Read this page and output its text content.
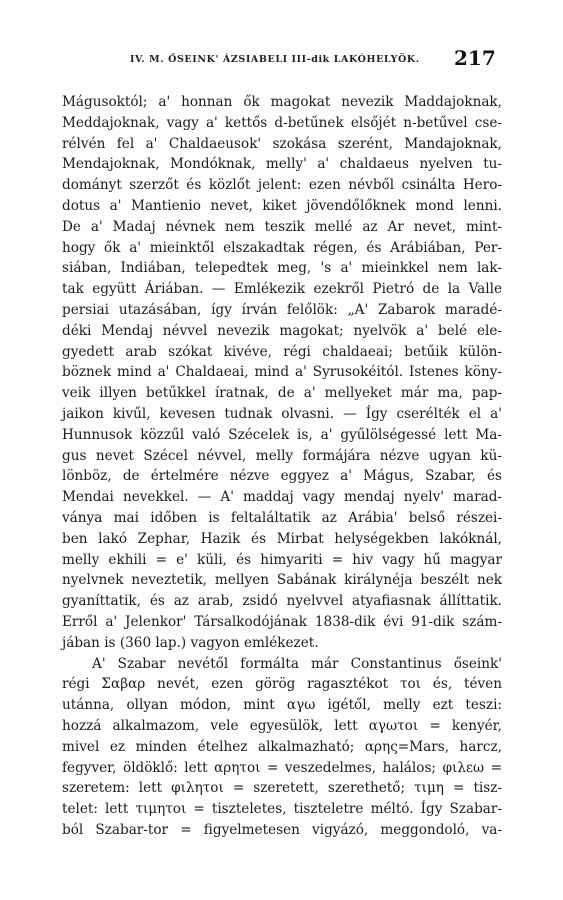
IV. M. ŐSEINK' ÁZSIABELI III-dik LAKÓHELYÖK.	217
Mágusoktól; a' honnan ők magokat nevezik Maddajoknak,
Meddajoknak, vagy a' kettős d-betűnek elsőjét n-betűvel cse-
rélvén fel a' Chaldaeusok' szokása szerént, Mandajoknak,
Mendajoknak, Mondóknak, melly' a' chaldaeus nyelven tu-
dományt szerzőt és közlőt jelent: ezen névből csinálta Hero-
dotus a' Mantienio nevet, kiket jövendőlőknek mond lenni.
De a' Madaj névnek nem teszik mellé az Ar nevet, mint-
hogy ők a' mieinktől elszakadtak régen, és Arábiában, Per-
siában, Indiában, telepedtek meg, 's a' mieinkkel nem lak-
tak együtt Áriában. — Emlékezik ezekről Pietró de la Valle
persiai utazásában, így írván felőlök: „A' Zabarok maradé-
déki Mendaj névvel nevezik magokat; nyelvök a' belé ele-
gyedett arab szókat kivéve, régi chaldaeai; betűik külön-
böznek mind a' Chaldaeai, mind a' Syrusokéitól. Istenes köny-
veik illyen betűkkel íratnak, de a' mellyeket már ma, pap-
jaikon kivűl, kevesen tudnak olvasni. — Így cserélték el a'
Hunnusok közzűl való Szécelek is, a' gyűlölségessé lett Ma-
gus nevet Szécel névvel, melly formájára nézve ugyan kü-
lönböz, de értelmére nézve eggyez a' Mágus, Szabar, és
Mendai nevekkel. — A' maddaj vagy mendaj nyelv' marad-
ványa mai időben is feltaláltatik az Arábia' belső részei-
ben lakó Zephar, Hazik és Mirbat helységekben lakóknál,
melly ekhili = e' küli, és himyariti = hiv vagy hű magyar
nyelvnek neveztetik, mellyen Sabának királynéja beszélt nek
gyaníttatik, és az arab, zsidó nyelvvel atyafiasnak állíttatik.
Erről a' Jelenkor' Társalkodójának 1838-dik évi 91-dik szám-
jában is (360 lap.) vagyon emlékezet.
A' Szabar nevétől formálta már Constantinus őseink'
régi Σαβαρ nevét, ezen görög ragasztékot τοι és, téven
utánna, ollyan módon, mint αγω igétől, melly ezt teszi:
hozzá alkalmazom, vele egyesülök, lett αγωτοι = kenyér,
mivel ez minden ételhez alkalmazható; αρης=Mars, harcz,
fegyver, öldöklő: lett αρητοι = veszedelmes, halálos; φιλεω =
szeretem: lett φιλητοι = szeretett, szerethető; τιμη = tisz-
telet: lett τιμητοι = tiszteletes, tiszteletre méltó. Így Szabar-
ból Szabar-tor = figyelmetesen vigyázó, meggondoló, va-
